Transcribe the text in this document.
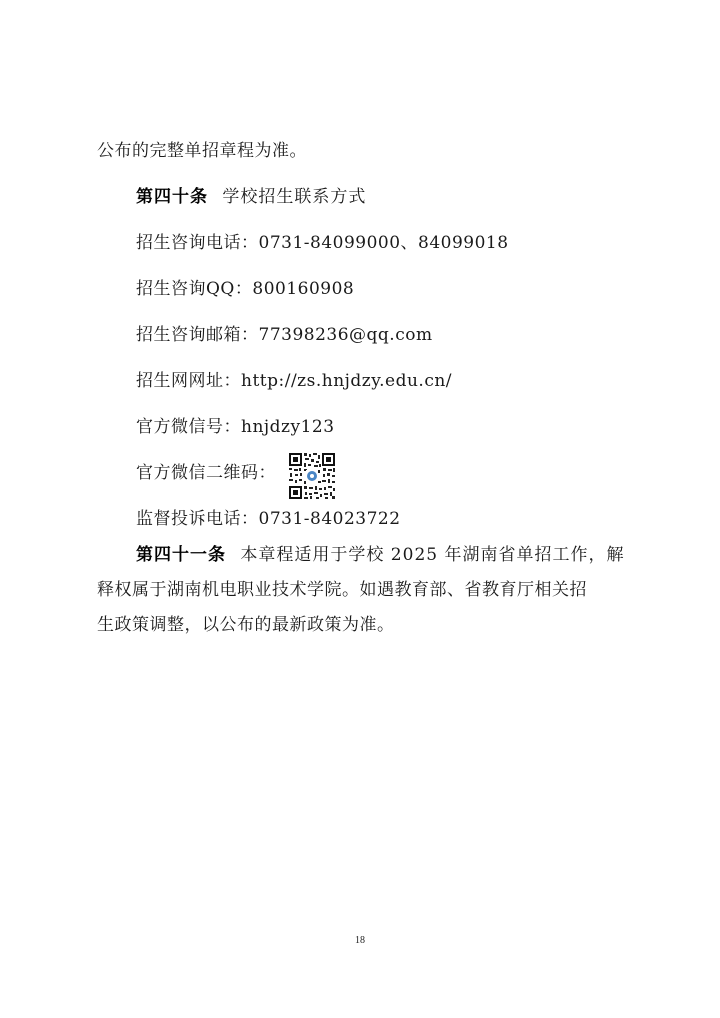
公布的完整单招章程为准。
第四十条 学校招生联系方式
招生咨询电话：0731-84099000、84099018
招生咨询QQ：800160908
招生咨询邮箱：77398236@qq.com
招生网网址：http://zs.hnjdzy.edu.cn/
官方微信号：hnjdzy123
官方微信二维码：
监督投诉电话：0731-84023722
第四十一条 本章程适用于学校 2025 年湖南省单招工作，解
释权属于湖南机电职业技术学院。如遇教育部、省教育厅相关招
生政策调整，以公布的最新政策为准。
18
